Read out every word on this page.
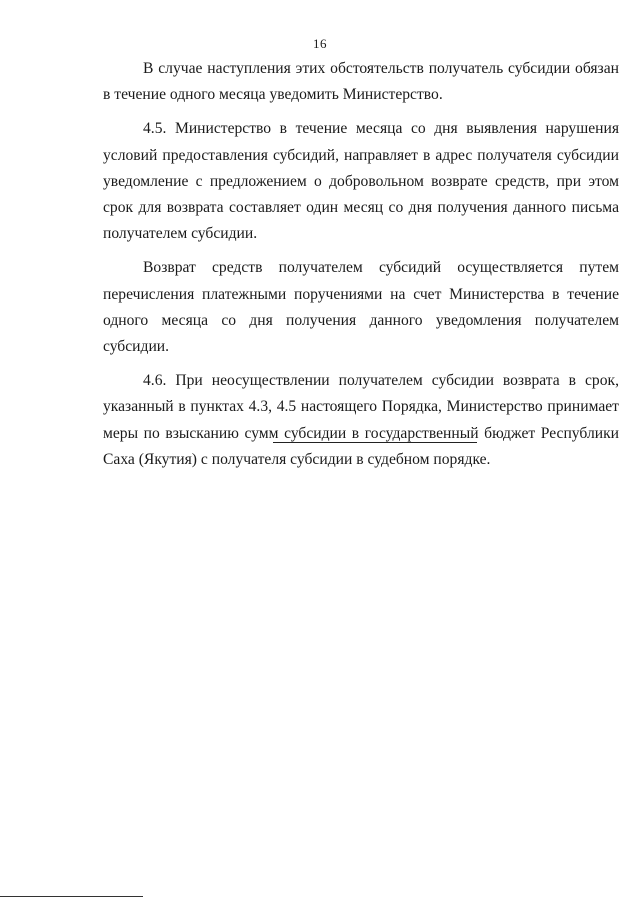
16

В случае наступления этих обстоятельств получатель субсидии обязан в течение одного месяца уведомить Министерство.

4.5. Министерство в течение месяца со дня выявления нарушения условий предоставления субсидий, направляет в адрес получателя субсидии уведомление с предложением о добровольном возврате средств, при этом срок для возврата составляет один месяц со дня получения данного письма получателем субсидии.

Возврат средств получателем субсидий осуществляется путем перечисления платежными поручениями на счет Министерства в течение одного месяца со дня получения данного уведомления получателем субсидии.

4.6. При неосуществлении получателем субсидии возврата в срок, указанный в пунктах 4.3, 4.5 настоящего Порядка, Министерство принимает меры по взысканию сумм субсидии в государственный бюджет Республики Саха (Якутия) с получателя субсидии в судебном порядке.
